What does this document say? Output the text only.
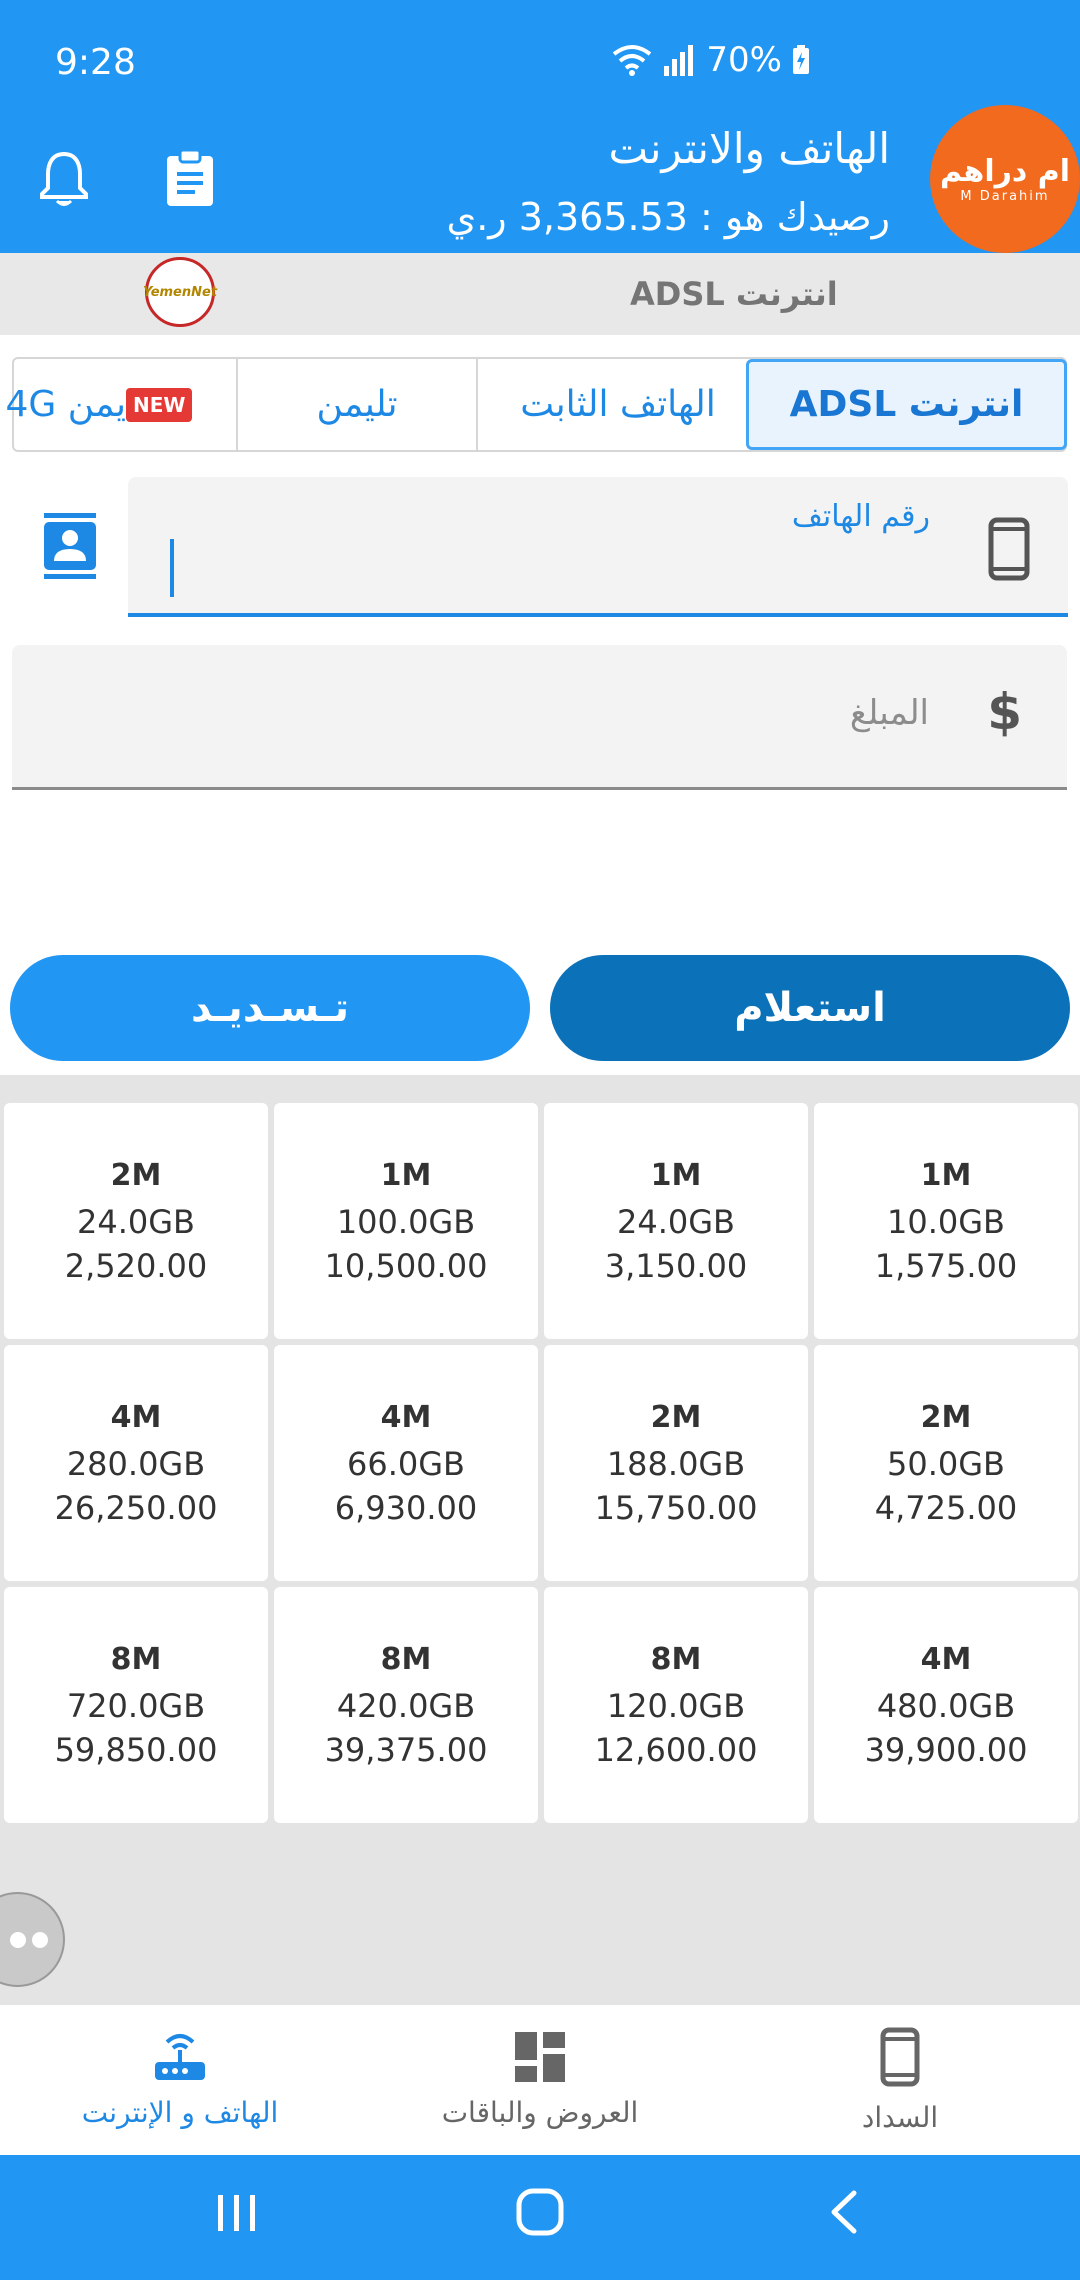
9:28	70%
الهاتف والانترنت
رصيدك هو : 3,365.53 ر.ي
ام دراهم
M Darahim
انترنت ADSL
YemenNet
NEW
يمن 4G	تليمن	الهاتف الثابت انترنت ADSL
رقم الهاتف
المبلغ $
تـسـديـد	استعلام
1M
10.0GB
1,575.00
1M
24.0GB
3,150.00
1M
100.0GB
10,500.00
2M
24.0GB
2,520.00
2M
50.0GB
4,725.00
2M
188.0GB
15,750.00
4M
66.0GB
6,930.00
4M
280.0GB
26,250.00
4M
480.0GB
39,900.00
8M
120.0GB
12,600.00
8M
420.0GB
39,375.00
8M
720.0GB
59,850.00
السداد
العروض والباقات
الهاتف و الإنترنت
